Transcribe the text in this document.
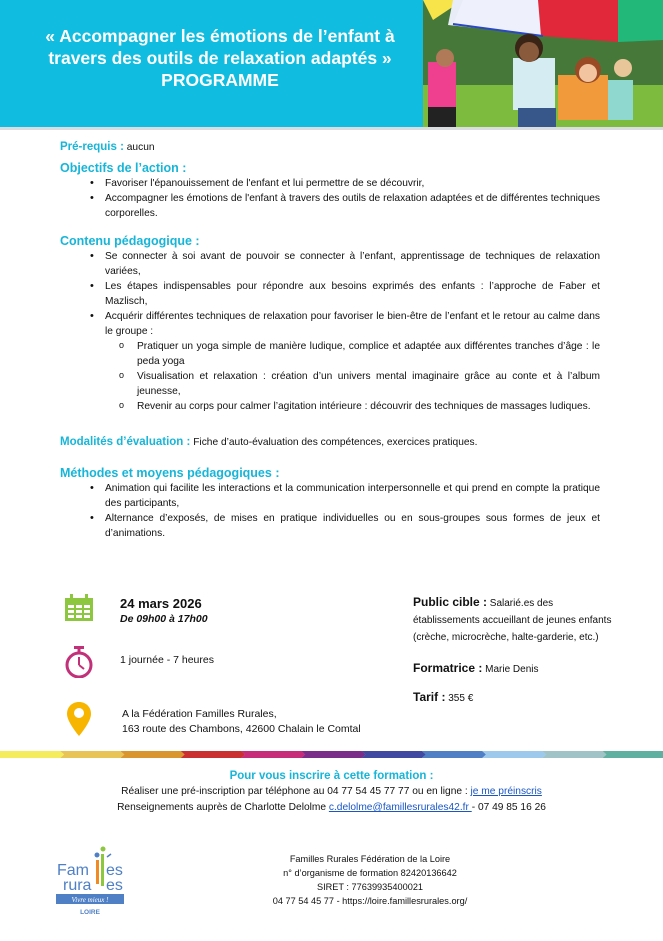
« Accompagner les émotions de l’enfant à
travers des outils de relaxation adaptés »
PROGRAMME
Pré-requis : aucun
Objectifs de l’action :
• Favoriser l'épanouissement de l'enfant et lui permettre de se découvrir,
• Accompagner les émotions de l'enfant à travers des outils de relaxation adaptées et de différentes techniques corporelles.
Contenu pédagogique :
• Se connecter à soi avant de pouvoir se connecter à l’enfant, apprentissage de techniques de relaxation variées,
• Les étapes indispensables pour répondre aux besoins exprimés des enfants : l’approche de Faber et Mazlisch,
• Acquérir différentes techniques de relaxation pour favoriser le bien-être de l’enfant et le retour au calme dans le groupe :
o Pratiquer un yoga simple de manière ludique, complice et adaptée aux différentes tranches d’âge : le peda yoga
o Visualisation et relaxation : création d’un univers mental imaginaire grâce au conte et à l’album jeunesse,
o Revenir au corps pour calmer l’agitation intérieure : découvrir des techniques de massages ludiques.
Modalités d’évaluation : Fiche d’auto-évaluation des compétences, exercices pratiques.
Méthodes et moyens pédagogiques :
• Animation qui facilite les interactions et la communication interpersonnelle et qui prend en compte la pratique des participants,
• Alternance d’exposés, de mises en pratique individuelles ou en sous-groupes sous formes de jeux et d’animations.
24 mars 2026
De 09h00 à 17h00
1 journée - 7 heures
A la Fédération Familles Rurales,
163 route des Chambons, 42600 Chalain le Comtal
Public cible : Salarié.es des établissements accueillant de jeunes enfants (crèche, microcrèche, halte-garderie, etc.)
Formatrice : Marie Denis
Tarif : 355 €
Pour vous inscrire à cette formation :
Réaliser une pré-inscription par téléphone au 04 77 54 45 77 77 ou en ligne : je me préinscris
Renseignements auprès de Charlotte Delolme c.delolme@famillesrurales42.fr - 07 49 85 16 26
Fam es
rura es
Vivre mieux !
LOIRE
Familles Rurales Fédération de la Loire
n° d’organisme de formation 82420136642
SIRET : 77639935400021
04 77 54 45 77 - https://loire.famillesrurales.org/
